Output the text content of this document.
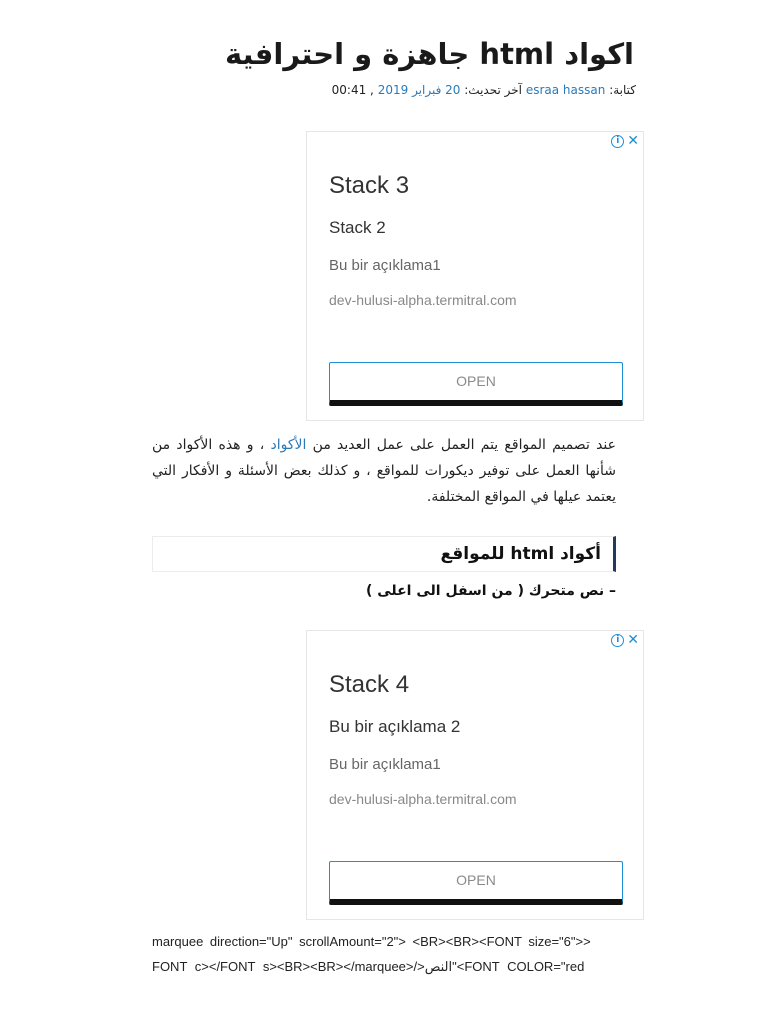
اكواد html جاهزة و احترافية
كتابة: esraa hassan آخر تحديث: 20 فبراير 2019 , 00:41
i ✕
Stack 3
Stack 2
Bu bir açıklama1
dev-hulusi-alpha.termitral.com
OPEN

عند تصميم المواقع يتم العمل على عمل العديد من الأكواد ، و هذه الأكواد من شأنها العمل على توفير ديكورات للمواقع ، و كذلك بعض الأسئلة و الأفكار التي يعتمد عيلها في المواقع المختلفة.

أكواد html للمواقع
– نص متحرك ( من اسفل الى اعلى )
i ✕
Stack 4
Bu bir açıklama 2
Bu bir açıklama1
dev-hulusi-alpha.termitral.com
OPEN
marquee direction="Up" scrollAmount="2"> <BR><BR><FONT size="6">>
FONT c></FONT s><BR><BR></marquee>/>النص"<FONT COLOR="red
